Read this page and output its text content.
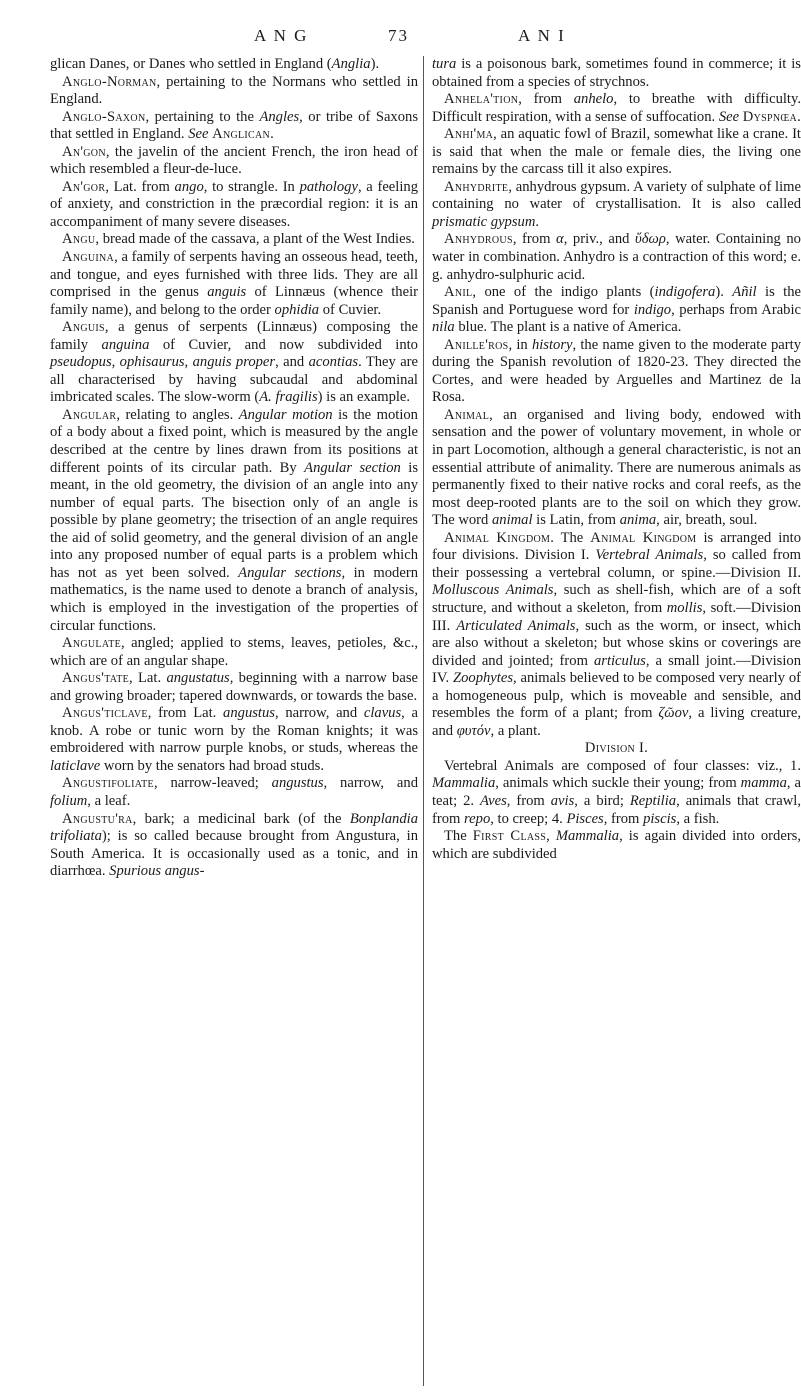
A N G	73	A N I

glican Danes, or Danes who settled in England (Anglia).

Anglo-Norman, pertaining to the Normans who settled in England.

Anglo-Saxon, pertaining to the Angles, or tribe of Saxons that settled in England. See Anglican.

An'gon, the javelin of the ancient French, the iron head of which resembled a fleur-de-luce.

An'gor, Lat. from ango, to strangle. In pathology, a feeling of anxiety, and constriction in the præcordial region: it is an accompaniment of many severe diseases.

Angu, bread made of the cassava, a plant of the West Indies.

Anguina, a family of serpents having an osseous head, teeth, and tongue, and eyes furnished with three lids. They are all comprised in the genus anguis of Linnæus (whence their family name), and belong to the order ophidia of Cuvier.

Anguis, a genus of serpents (Linnæus) composing the family anguina of Cuvier, and now subdivided into pseudopus, ophisaurus, anguis proper, and acontias. They are all characterised by having subcaudal and abdominal imbricated scales. The slow-worm (A. fragilis) is an example.

Angular, relating to angles. Angular motion is the motion of a body about a fixed point, which is measured by the angle described at the centre by lines drawn from its positions at different points of its circular path. By Angular section is meant, in the old geometry, the division of an angle into any number of equal parts. The bisection only of an angle is possible by plane geometry; the trisection of an angle requires the aid of solid geometry, and the general division of an angle into any proposed number of equal parts is a problem which has not as yet been solved. Angular sections, in modern mathematics, is the name used to denote a branch of analysis, which is employed in the investigation of the properties of circular functions.

Angulate, angled; applied to stems, leaves, petioles, &c., which are of an angular shape.

Angus'tate, Lat. angustatus, beginning with a narrow base and growing broader; tapered downwards, or towards the base.

Angus'ticlave, from Lat. angustus, narrow, and clavus, a knob. A robe or tunic worn by the Roman knights; it was embroidered with narrow purple knobs, or studs, whereas the laticlave worn by the senators had broad studs.

Angustifoliate, narrow-leaved; angustus, narrow, and folium, a leaf.

Angustu'ra, bark; a medicinal bark (of the Bonplandia trifoliata); is so called because brought from Angustura, in South America. It is occasionally used as a tonic, and in diarrhœa. Spurious angus-

tura is a poisonous bark, sometimes found in commerce; it is obtained from a species of strychnos.

Anhela'tion, from anhelo, to breathe with difficulty. Difficult respiration, with a sense of suffocation. See Dyspnœa.

Anhi'ma, an aquatic fowl of Brazil, somewhat like a crane. It is said that when the male or female dies, the living one remains by the carcass till it also expires.

Anhydrite, anhydrous gypsum. A variety of sulphate of lime containing no water of crystallisation. It is also called prismatic gypsum.

Anhydrous, from α, priv., and ὕδωρ, water. Containing no water in combination. Anhydro is a contraction of this word; e. g. anhydro-sulphuric acid.

Anil, one of the indigo plants (indigofera). Añil is the Spanish and Portuguese word for indigo, perhaps from Arabic nila blue. The plant is a native of America.

Anille'ros, in history, the name given to the moderate party during the Spanish revolution of 1820-23. They directed the Cortes, and were headed by Arguelles and Martinez de la Rosa.

Animal, an organised and living body, endowed with sensation and the power of voluntary movement, in whole or in part Locomotion, although a general characteristic, is not an essential attribute of animality. There are numerous animals as permanently fixed to their native rocks and coral reefs, as the most deep-rooted plants are to the soil on which they grow. The word animal is Latin, from anima, air, breath, soul.

Animal Kingdom. The Animal Kingdom is arranged into four divisions. Division I. Vertebral Animals, so called from their possessing a vertebral column, or spine.—Division II. Molluscous Animals, such as shell-fish, which are of a soft structure, and without a skeleton, from mollis, soft.—Division III. Articulated Animals, such as the worm, or insect, which are also without a skeleton; but whose skins or coverings are divided and jointed; from articulus, a small joint.—Division IV. Zoophytes, animals believed to be composed very nearly of a homogeneous pulp, which is moveable and sensible, and resembles the form of a plant; from ζῶον, a living creature, and φυτόν, a plant.

Division I.

Vertebral Animals are composed of four classes: viz., 1. Mammalia, animals which suckle their young; from mamma, a teat; 2. Aves, from avis, a bird; Reptilia, animals that crawl, from repo, to creep; 4. Pisces, from piscis, a fish.

The First Class, Mammalia, is again divided into orders, which are subdivided
